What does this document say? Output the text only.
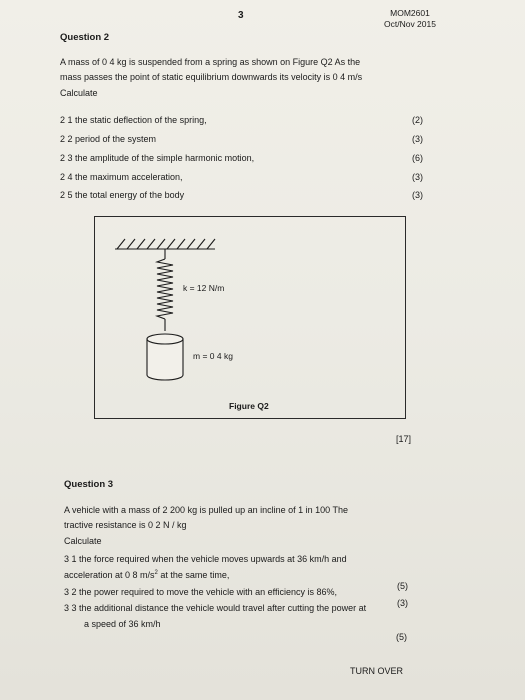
3	MOM2601
Oct/Nov 2015
Question 2
A mass of 0 4 kg is suspended from a spring as shown on Figure Q2 As the
mass passes the point of static equilibrium downwards its velocity is 0 4 m/s
Calculate
2 1 the static deflection of the spring,	(2)
2 2 period of the system	(3)
2 3 the amplitude of the simple harmonic motion,	(6)
2 4 the maximum acceleration,	(3)
2 5 the total energy of the body	(3)
k = 12 N/m
m = 0 4 kg
Figure Q2
[17]
Question 3
A vehicle with a mass of 2 200 kg is pulled up an incline of 1 in 100 The
tractive resistance is 0 2 N / kg
Calculate
3 1 the force required when the vehicle moves upwards at 36 km/h and
acceleration at 0 8 $m/s^2$ at the same time,
(5)
3 2 the power required to move the vehicle with an efficiency is 86%,
(3)
3 3 the additional distance the vehicle would travel after cutting the power at
a speed of 36 km/h
(5)
TURN OVER
